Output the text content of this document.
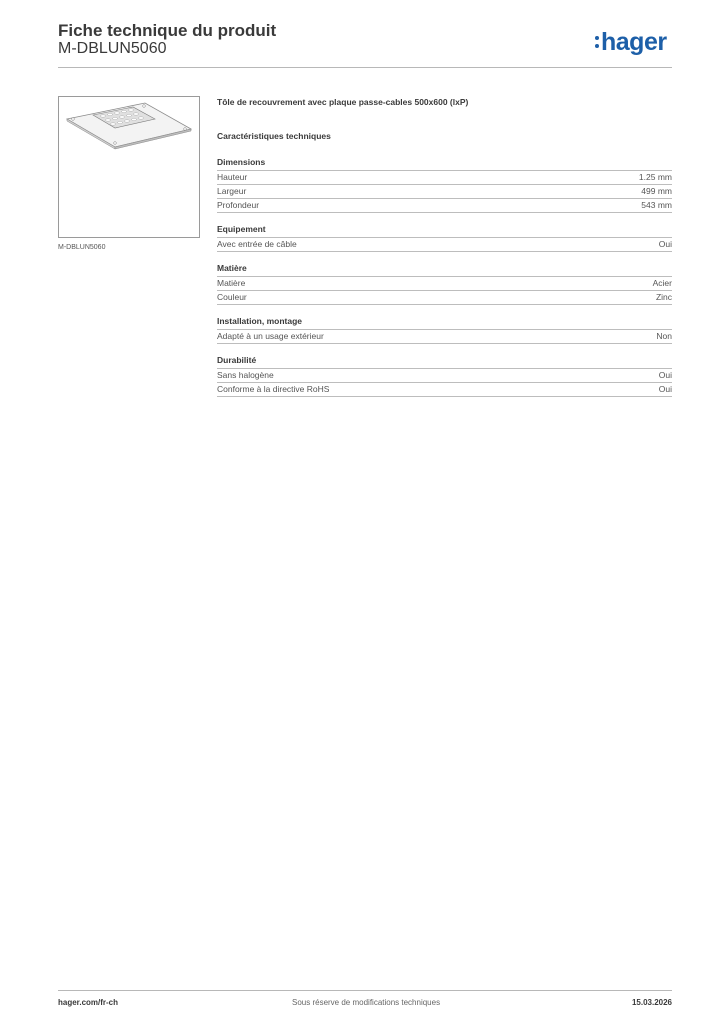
Fiche technique du produit
M-DBLUN5060	hager
M-DBLUN5060
Tôle de recouvrement avec plaque passe-cables 500x600 (lxP)
Caractéristiques techniques
Dimensions
Hauteur	1.25 mm
Largeur	499 mm
Profondeur	543 mm
Equipement
Avec entrée de câble	Oui
Matière
Matière	Acier
Couleur	Zinc
Installation, montage
Adapté à un usage extérieur	Non
Durabilité
Sans halogène	Oui
Conforme à la directive RoHS	Oui
hager.com/fr-ch	Sous réserve de modifications techniques	15.03.2026
